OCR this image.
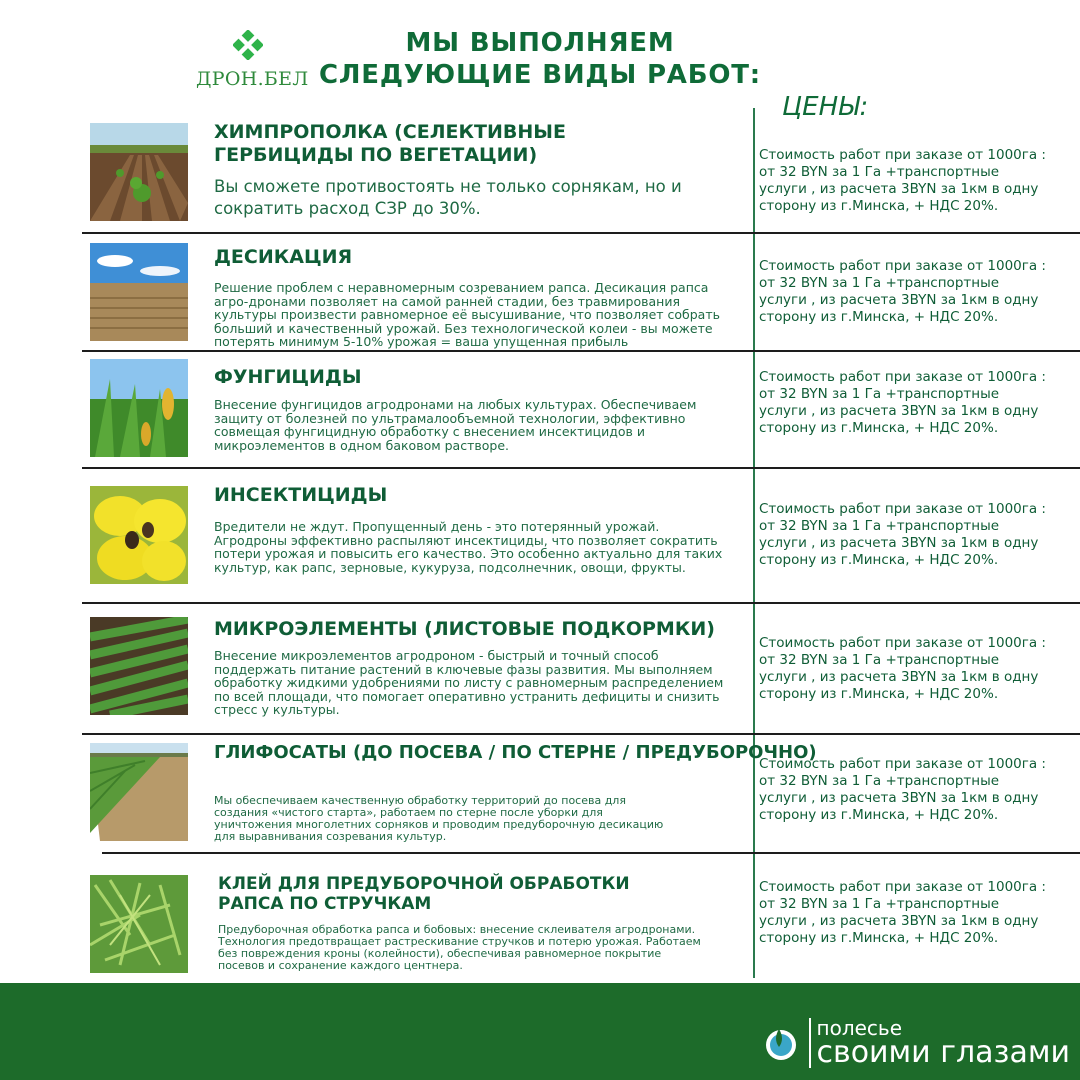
ДРОН.БЕЛ
МЫ ВЫПОЛНЯЕМ
СЛЕДУЮЩИЕ ВИДЫ РАБОТ:
ЦЕНЫ:
ХИМПРОПОЛКА (СЕЛЕКТИВНЫЕ ГЕРБИЦИДЫ ПО ВЕГЕТАЦИИ)
Вы сможете противостоять не только сорнякам, но и сократить расход СЗР до 30%.
Стоимость работ при заказе от 1000га :
от 32 BYN за 1 Га +транспортные
услуги , из расчета 3BYN за 1км в одну
сторону из г.Минска, + НДС 20%.
ДЕСИКАЦИЯ
Решение проблем с неравномерным созреванием рапса. Десикация рапса агро-дронами позволяет на самой ранней стадии, без травмирования культуры произвести равномерное её высушивание, что позволяет собрать больший и качественный урожай. Без технологической колеи - вы можете потерять минимум 5-10% урожая = ваша упущенная прибыль
Стоимость работ при заказе от 1000га :
от 32 BYN за 1 Га +транспортные
услуги , из расчета 3BYN за 1км в одну
сторону из г.Минска, + НДС 20%.
ФУНГИЦИДЫ
Внесение фунгицидов агродронами на любых культурах. Обеспечиваем защиту от болезней по ультрамалообъемной технологии, эффективно совмещая фунгицидную обработку с внесением инсектицидов и микроэлементов в одном баковом растворе.
Стоимость работ при заказе от 1000га :
от 32 BYN за 1 Га +транспортные
услуги , из расчета 3BYN за 1км в одну
сторону из г.Минска, + НДС 20%.
ИНСЕКТИЦИДЫ
Вредители не ждут. Пропущенный день - это потерянный урожай. Агродроны эффективно распыляют инсектициды, что позволяет сократить потери урожая и повысить его качество. Это особенно актуально для таких культур, как рапс, зерновые, кукуруза, подсолнечник, овощи, фрукты.
Стоимость работ при заказе от 1000га :
от 32 BYN за 1 Га +транспортные
услуги , из расчета 3BYN за 1км в одну
сторону из г.Минска, + НДС 20%.
МИКРОЭЛЕМЕНТЫ (ЛИСТОВЫЕ ПОДКОРМКИ)
Внесение микроэлементов агродроном - быстрый и точный способ поддержать питание растений в ключевые фазы развития. Мы выполняем обработку жидкими удобрениями по листу с равномерным распределением по всей площади, что помогает оперативно устранить дефициты и снизить стресс у культуры.
Стоимость работ при заказе от 1000га :
от 32 BYN за 1 Га +транспортные
услуги , из расчета 3BYN за 1км в одну
сторону из г.Минска, + НДС 20%.
ГЛИФОСАТЫ (ДО ПОСЕВА / ПО СТЕРНЕ / ПРЕДУБОРОЧНО)
Мы обеспечиваем качественную обработку территорий до посева для создания «чистого старта», работаем по стерне после уборки для уничтожения многолетних сорняков и проводим предуборочную десикацию для выравнивания созревания культур.
Стоимость работ при заказе от 1000га :
от 32 BYN за 1 Га +транспортные
услуги , из расчета 3BYN за 1км в одну
сторону из г.Минска, + НДС 20%.
КЛЕЙ ДЛЯ ПРЕДУБОРОЧНОЙ ОБРАБОТКИ РАПСА ПО СТРУЧКАМ
Предуборочная обработка рапса и бобовых: внесение склеивателя агродронами. Технология предотвращает растрескивание стручков и потерю урожая. Работаем без повреждения кроны (колейности), обеспечивая равномерное покрытие посевов и сохранение каждого центнера.
Стоимость работ при заказе от 1000га :
от 32 BYN за 1 Га +транспортные
услуги , из расчета 3BYN за 1км в одну
сторону из г.Минска, + НДС 20%.
полесье
своими глазами
